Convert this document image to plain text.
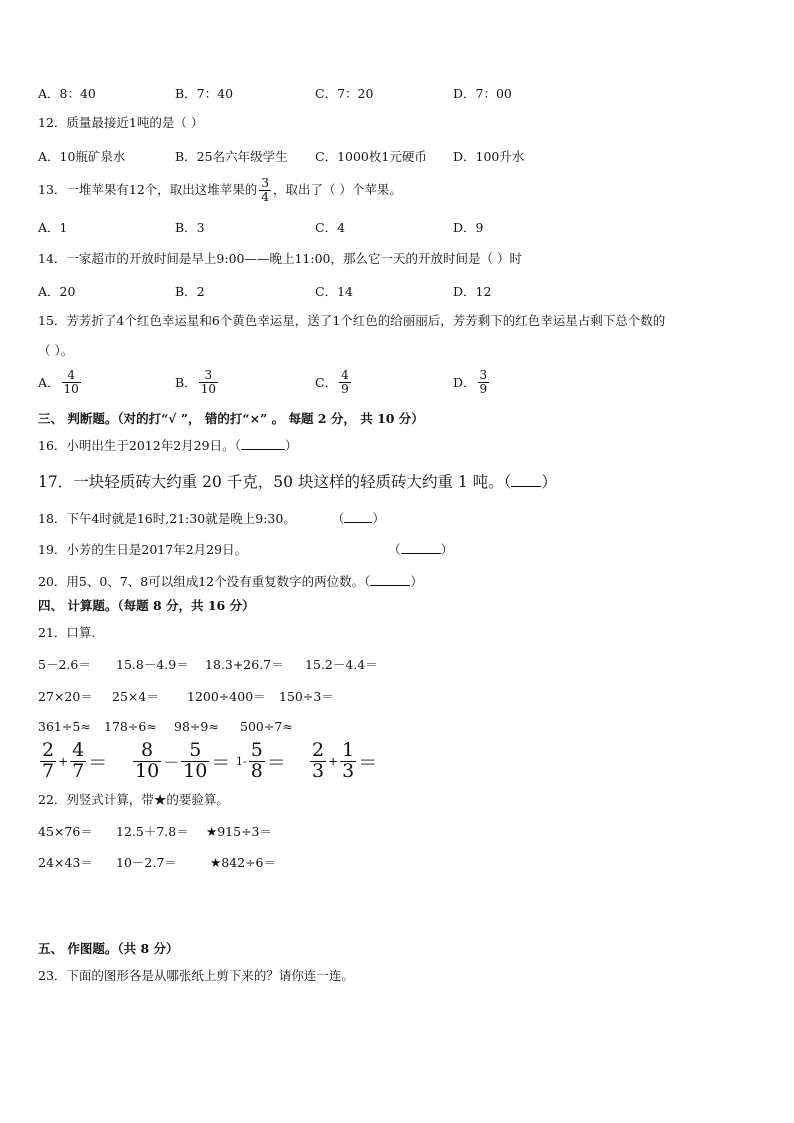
A．8：40	B．7：40	C．7：20	D．7：00
12．质量最接近1吨的是（ ）
A．10瓶矿泉水	B．25名六年级学生 C．1000枚1元硬币 D．100升水
13．一堆苹果有12个，取出这堆苹果的 $\frac{3}{4}$ ，取出了（ ）个苹果。
A．1	B．3	C．4	D．9
14．一家超市的开放时间是早上9:00——晚上11:00，那么它一天的开放时间是（ ）时
A．20	B．2	C．14	D．12
15．芳芳折了4个红色幸运星和6个黄色幸运星，送了1个红色的给丽丽后，芳芳剩下的红色幸运星占剩下总个数的
（ ）。
A． $\frac{4}{10}$	B． $\frac{3}{10}$	C． $\frac{4}{9}$	D． $\frac{3}{9}$
三、 判断题。（对的打“√ ”， 错的打“×” 。 每题 2 分， 共 10 分）
16．小明出生于2012年2月29日。（	）
17．一块轻质砖大约重 20 千克，50 块这样的轻质砖大约重 1 吨。（ ）
18．下午4时就是16时,21:30就是晚上9:30。	（ ）
19．小芳的生日是2017年2月29日。	（	）
20．用5、0、7、8可以组成12个没有重复数字的两位数。（	）
四、 计算题。（每题 8 分，共 16 分）
21．口算.
5－2.6＝ 15.8－4.9＝ 18.3+26.7＝ 15.2－4.4＝
27×20＝ 25×4＝ 1200÷400＝ 150÷3＝
361÷5≈ 178÷6≈ 98÷9≈ 500÷7≈
$\frac{2}{7} + \frac{4}{7} = \frac{8}{10} - \frac{5}{10} = 1- \frac{5}{8} = \frac{2}{3} + \frac{1}{3}$ ＝
22．列竖式计算，带★的要验算。
45×76＝ 12.5＋7.8＝ ★915÷3＝
24×43＝ 10－2.7＝	★842÷6＝
五、 作图题。（共 8 分）
23．下面的图形各是从哪张纸上剪下来的？请你连一连。
